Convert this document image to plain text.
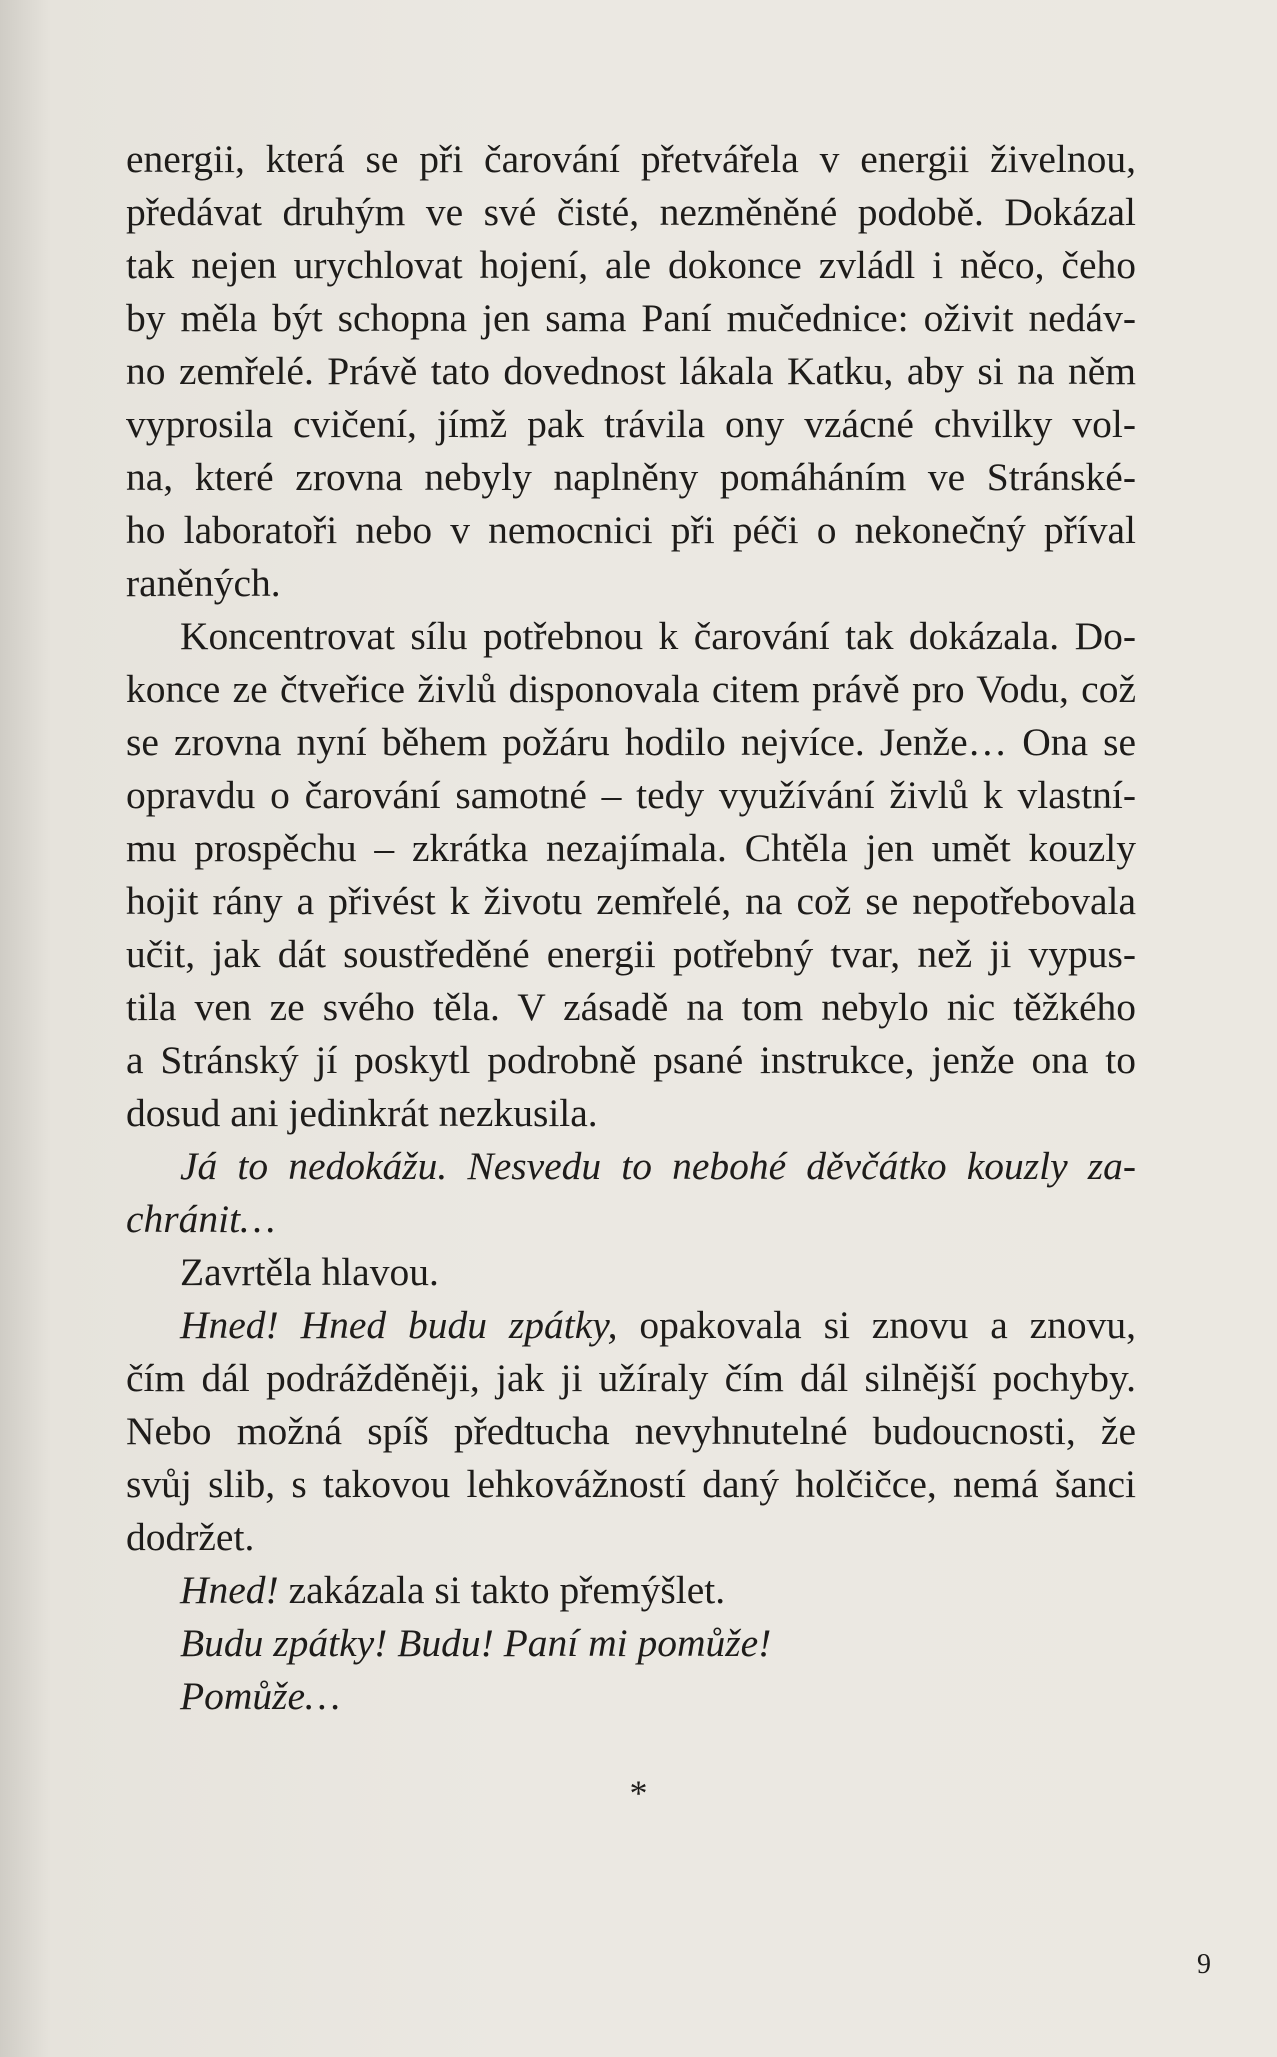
energii, která se při čarování přetvářela v energii živelnou,
předávat druhým ve své čisté, nezměněné podobě. Dokázal
tak nejen urychlovat hojení, ale dokonce zvládl i něco, čeho
by měla být schopna jen sama Paní mučednice: oživit nedáv-
no zemřelé. Právě tato dovednost lákala Katku, aby si na něm
vyprosila cvičení, jímž pak trávila ony vzácné chvilky vol-
na, které zrovna nebyly naplněny pomáháním ve Stránské-
ho laboratoři nebo v nemocnici při péči o nekonečný příval
raněných.
Koncentrovat sílu potřebnou k čarování tak dokázala. Do-
konce ze čtveřice živlů disponovala citem právě pro Vodu, což
se zrovna nyní během požáru hodilo nejvíce. Jenže… Ona se
opravdu o čarování samotné – tedy využívání živlů k vlastní-
mu prospěchu – zkrátka nezajímala. Chtěla jen umět kouzly
hojit rány a přivést k životu zemřelé, na což se nepotřebovala
učit, jak dát soustředěné energii potřebný tvar, než ji vypus-
tila ven ze svého těla. V zásadě na tom nebylo nic těžkého
a Stránský jí poskytl podrobně psané instrukce, jenže ona to
dosud ani jedinkrát nezkusila.
Já to nedokážu. Nesvedu to nebohé děvčátko kouzly za-
chránit…
Zavrtěla hlavou.
Hned! Hned budu zpátky, opakovala si znovu a znovu,
čím dál podrážděněji, jak ji užíraly čím dál silnější pochyby.
Nebo možná spíš předtucha nevyhnutelné budoucnosti, že
svůj slib, s takovou lehkovážností daný holčičce, nemá šanci
dodržet.
Hned! zakázala si takto přemýšlet.
Budu zpátky! Budu! Paní mi pomůže!
Pomůže…
*
9
